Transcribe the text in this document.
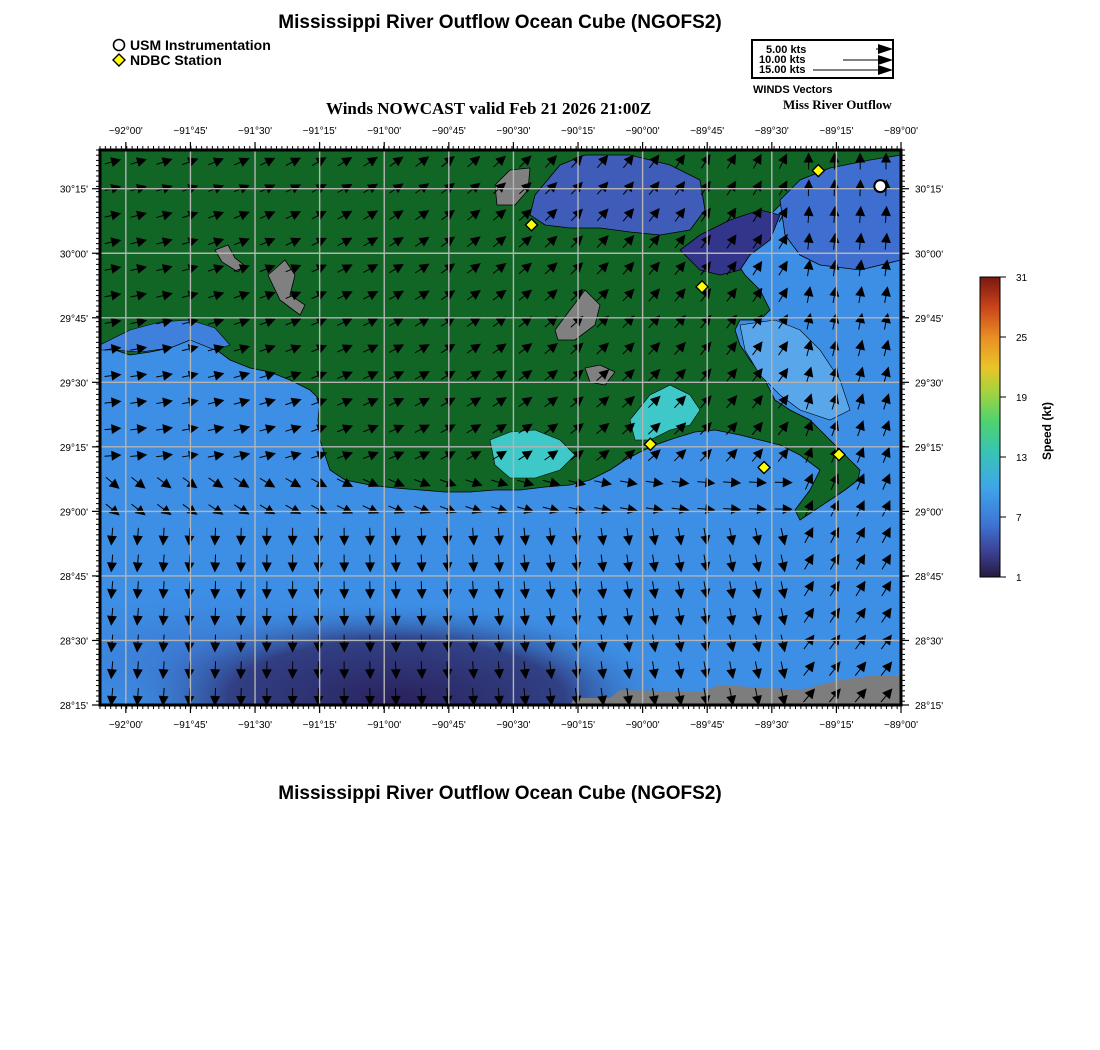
Mississippi River Outflow Ocean Cube (NGOFS2)
USM Instrumentation
NDBC Station
5.00 kts
10.00 kts
15.00 kts
WINDS Vectors
Winds NOWCAST valid Feb 21 2026 21:00Z	Miss River Outflow
−92°00'
−92°00'
−91°45'
−91°45'
−91°30'
−91°30'
−91°15'
−91°15'
−91°00'
−91°00'
−90°45'
−90°45'
−90°30'
−90°30'
−90°15'
−90°15'
−90°00'
−90°00'
−89°45'
−89°45'
−89°30'
−89°30'
−89°15'
−89°15'
−89°00'
−89°00'
30°15'	30°15'
30°00'	30°00'
29°45'	29°45'
29°30'	29°30'
29°15'	29°15'
29°00'	29°00'
28°45'	28°45'
28°30'	28°30'
28°15'	28°15'
31
25
19
13
7
1
Speed (kt)
Mississippi River Outflow Ocean Cube (NGOFS2)
